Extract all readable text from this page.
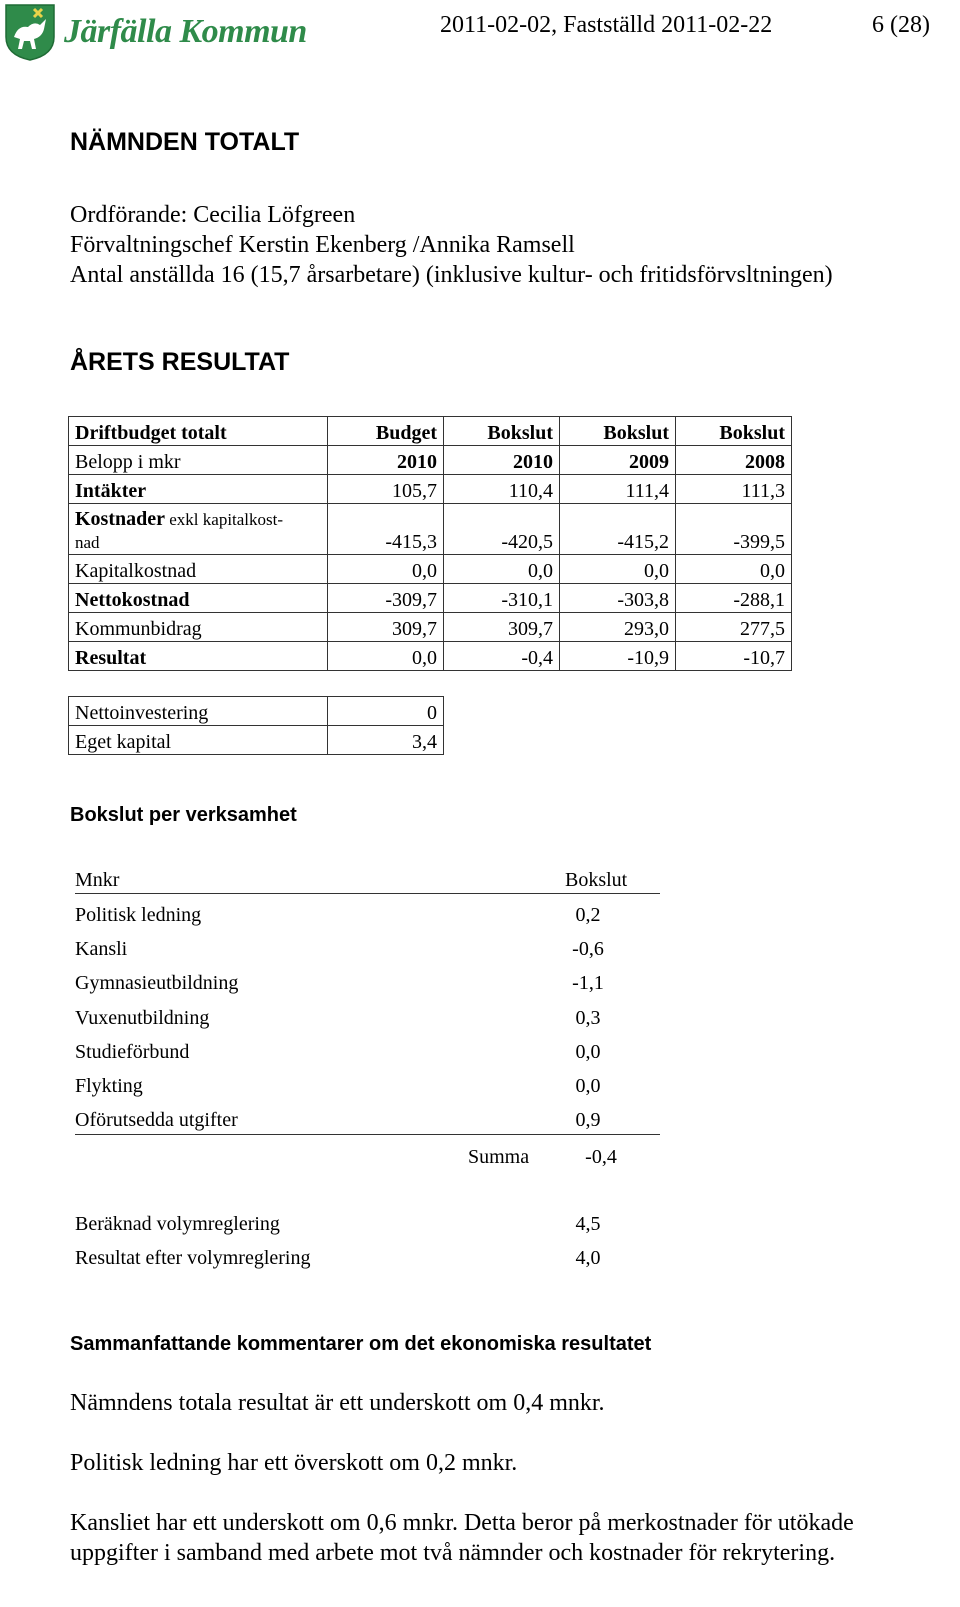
Järfälla Kommun	2011-02-02, Fastställd 2011-02-22	6 (28)
NÄMNDEN TOTALT
Ordförande: Cecilia Löfgreen
Förvaltningschef Kerstin Ekenberg /Annika Ramsell
Antal anställda 16 (15,7 årsarbetare) (inklusive kultur- och fritidsförvsltningen)
ÅRETS RESULTAT
Driftbudget totalt	Budget	Bokslut	Bokslut	Bokslut
Belopp i mkr	2010	2010	2009	2008
Intäkter	105,7	110,4	111,4	111,3
Kostnader exkl kapitalkost-
nad	-415,3	-420,5	-415,2	-399,5
Kapitalkostnad	0,0	0,0	0,0	0,0
Nettokostnad	-309,7	-310,1	-303,8	-288,1
Kommunbidrag	309,7	309,7	293,0	277,5
Resultat	0,0	-0,4	-10,9	-10,7
Nettoinvestering	0
Eget kapital	3,4
Bokslut per verksamhet
Mnkr	Bokslut
Politisk ledning	0,2
Kansli	-0,6
Gymnasieutbildning	-1,1
Vuxenutbildning	0,3
Studieförbund	0,0
Flykting	0,0
Oförutsedda utgifter	0,9
Summa	-0,4
Beräknad volymreglering	4,5
Resultat efter volymreglering	4,0
Sammanfattande kommentarer om det ekonomiska resultatet
Nämndens totala resultat är ett underskott om 0,4 mnkr.
Politisk ledning har ett överskott om 0,2 mnkr.
Kansliet har ett underskott om 0,6 mnkr. Detta beror på merkostnader för utökade uppgifter i samband med arbete mot två nämnder och kostnader för rekrytering.
